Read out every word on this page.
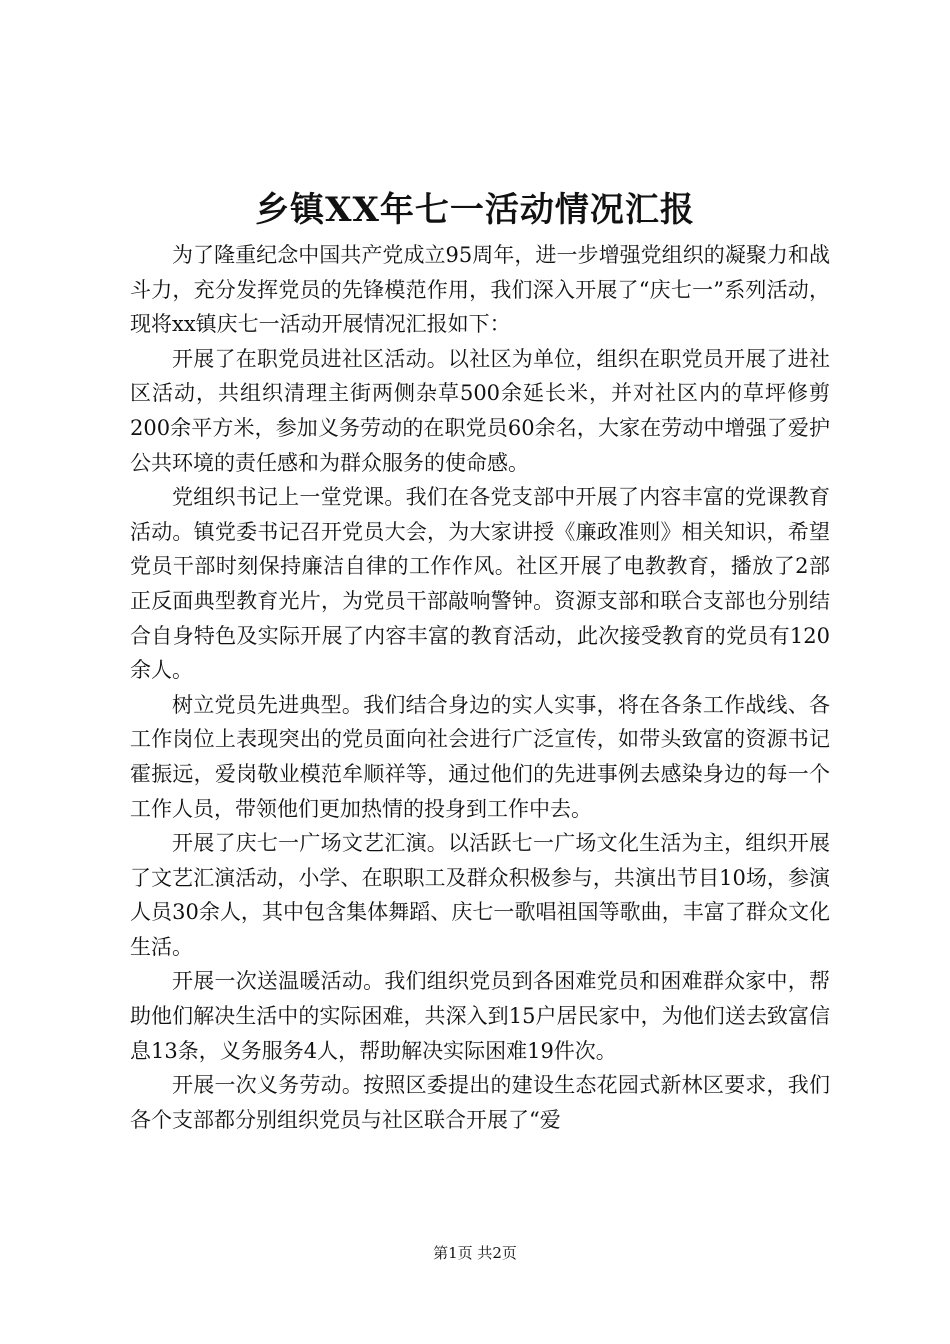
乡镇XX年七一活动情况汇报

为了隆重纪念中国共产党成立95周年，进一步增强党组织的凝聚力和战斗力，充分发挥党员的先锋模范作用，我们深入开展了“庆七一”系列活动，现将xx镇庆七一活动开展情况汇报如下：

开展了在职党员进社区活动。以社区为单位，组织在职党员开展了进社区活动，共组织清理主街两侧杂草500余延长米，并对社区内的草坪修剪200余平方米，参加义务劳动的在职党员60余名，大家在劳动中增强了爱护公共环境的责任感和为群众服务的使命感。

党组织书记上一堂党课。我们在各党支部中开展了内容丰富的党课教育活动。镇党委书记召开党员大会，为大家讲授《廉政准则》相关知识，希望党员干部时刻保持廉洁自律的工作作风。社区开展了电教教育，播放了2部正反面典型教育光片，为党员干部敲响警钟。资源支部和联合支部也分别结合自身特色及实际开展了内容丰富的教育活动，此次接受教育的党员有120余人。

树立党员先进典型。我们结合身边的实人实事，将在各条工作战线、各工作岗位上表现突出的党员面向社会进行广泛宣传，如带头致富的资源书记霍振远，爱岗敬业模范牟顺祥等，通过他们的先进事例去感染身边的每一个工作人员，带领他们更加热情的投身到工作中去。

开展了庆七一广场文艺汇演。以活跃七一广场文化生活为主，组织开展了文艺汇演活动，小学、在职职工及群众积极参与，共演出节目10场，参演人员30余人，其中包含集体舞蹈、庆七一歌唱祖国等歌曲，丰富了群众文化生活。

开展一次送温暖活动。我们组织党员到各困难党员和困难群众家中，帮助他们解决生活中的实际困难，共深入到15户居民家中，为他们送去致富信息13条，义务服务4人，帮助解决实际困难19件次。

开展一次义务劳动。按照区委提出的建设生态花园式新林区要求，我们各个支部都分别组织党员与社区联合开展了“爱

第1页 共2页
